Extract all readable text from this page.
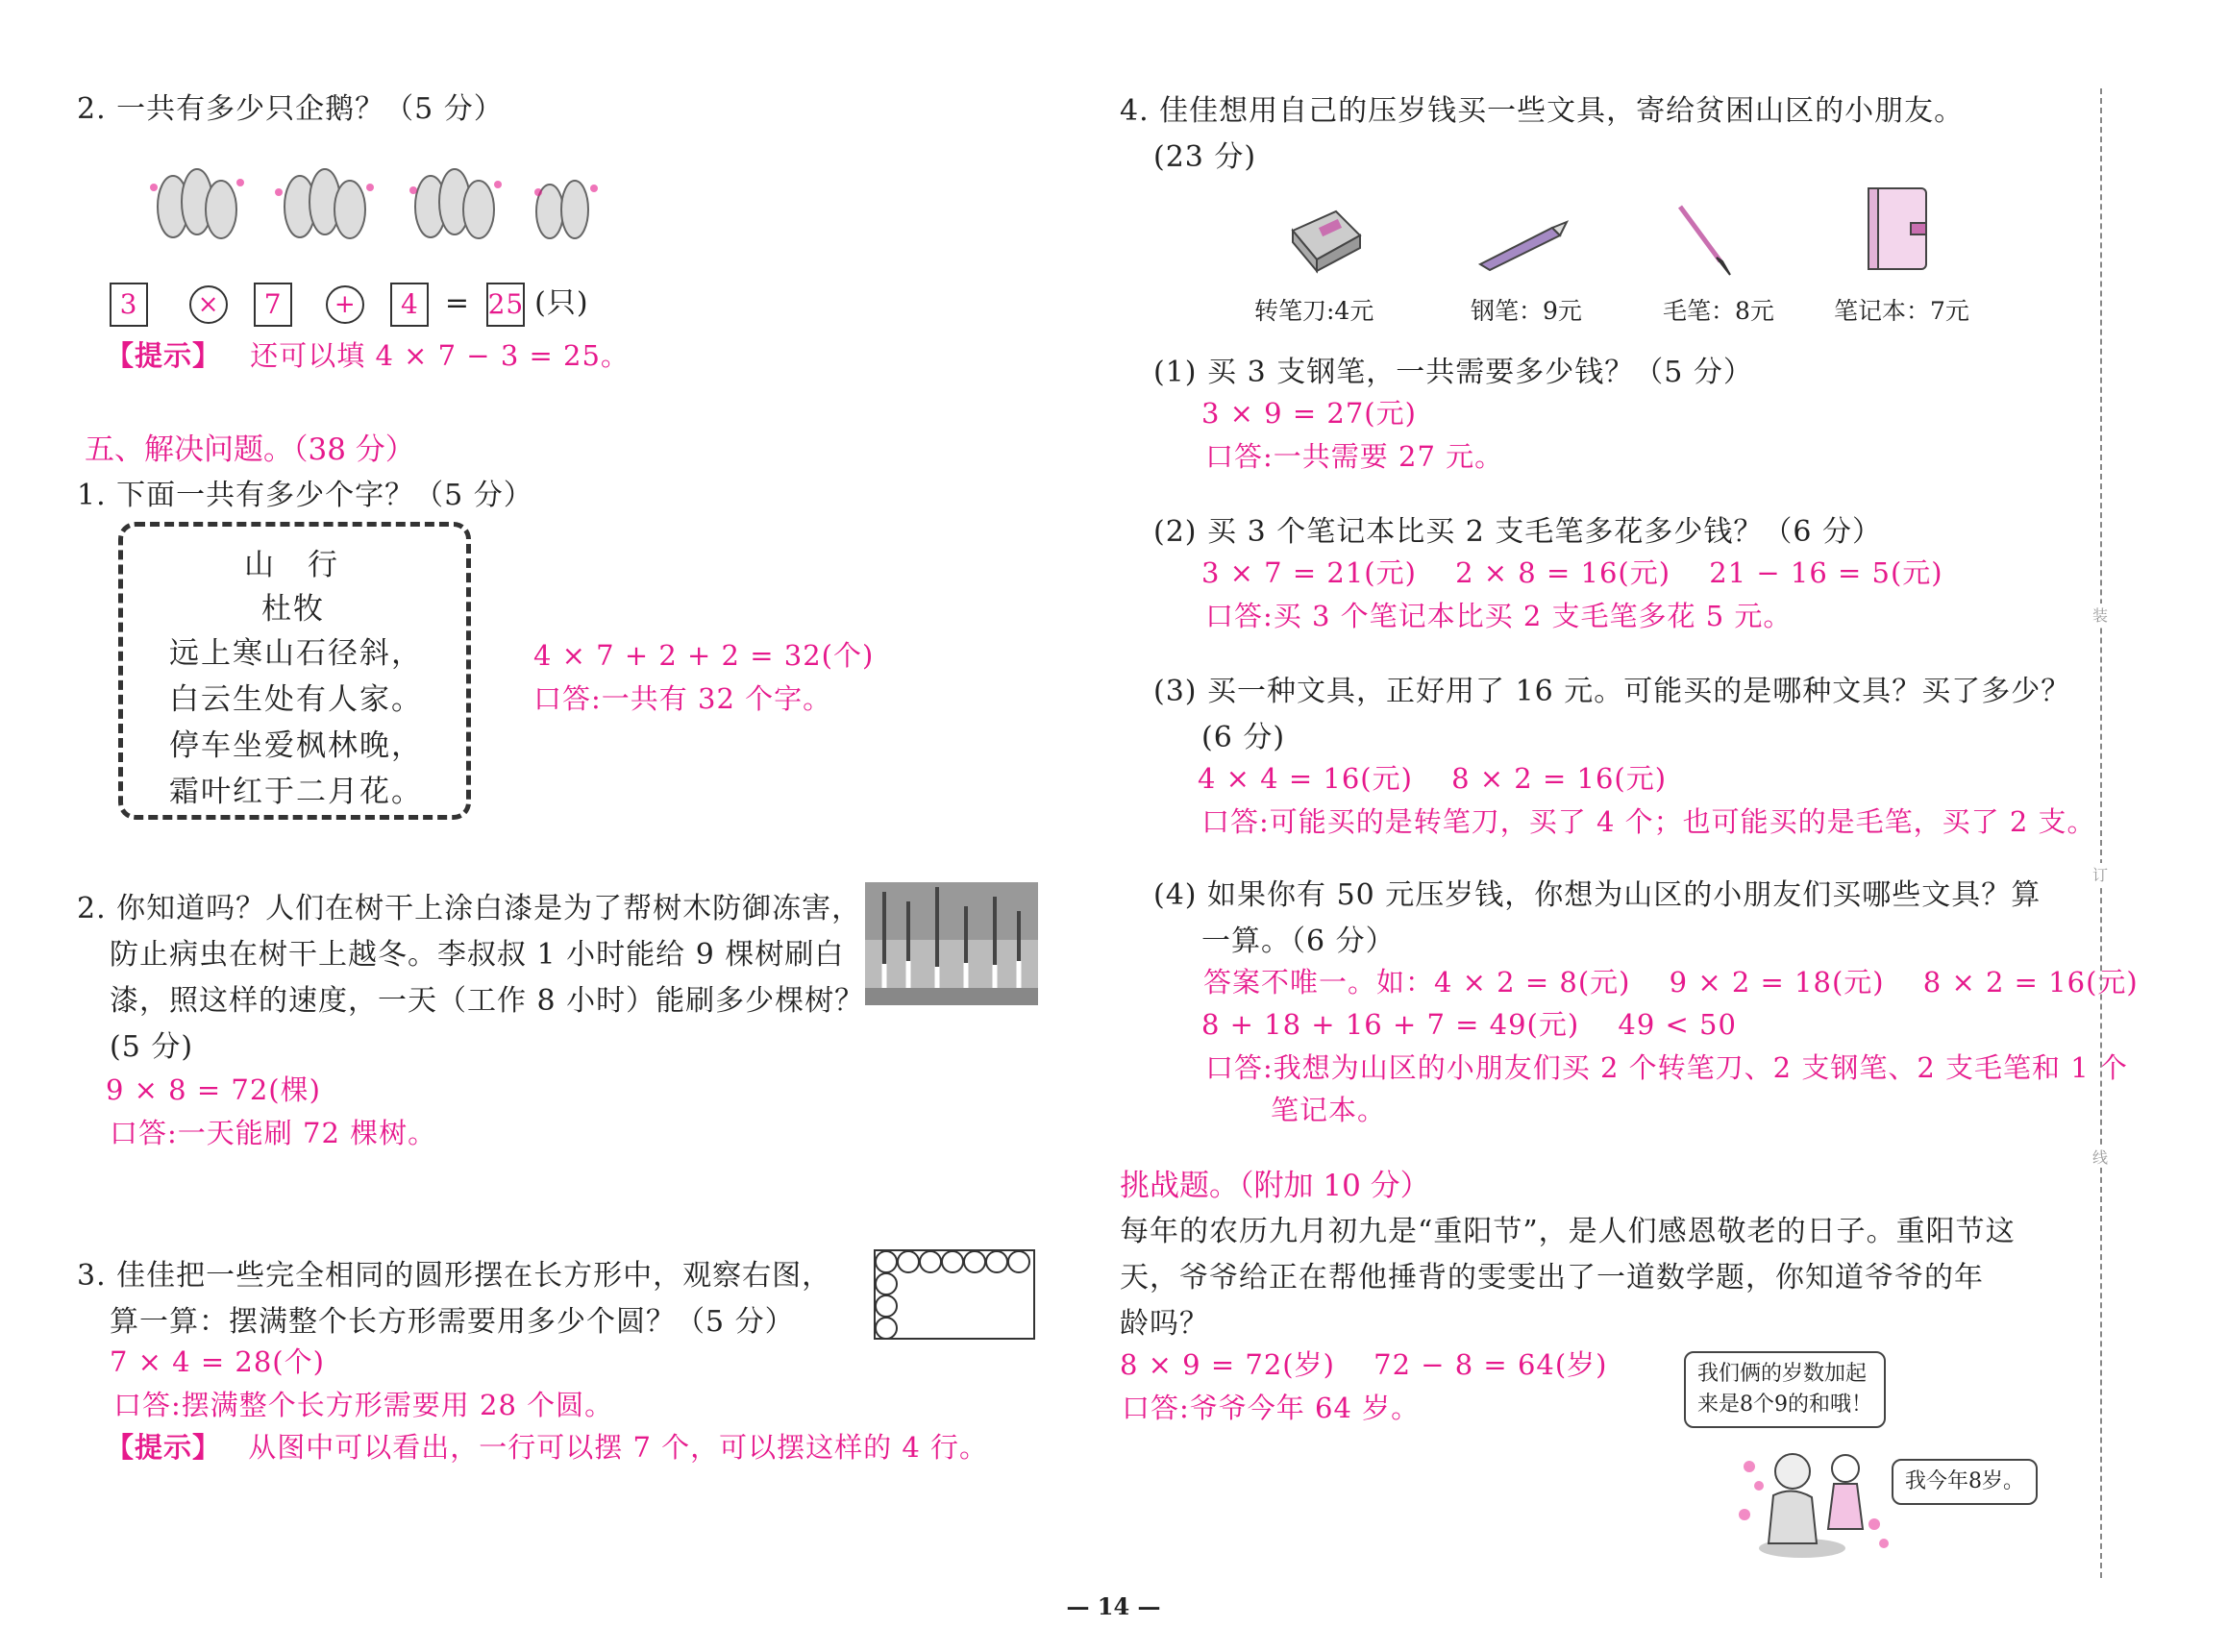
2. 一共有多少只企鹅？（5 分）
3 × 7 + 4 = 25 (只)
【提示】 还可以填 4 × 7 − 3 = 25。
五、解决问题。（38 分）
1. 下面一共有多少个字？（5 分）
山　行
杜牧
远上寒山石径斜，
白云生处有人家。
停车坐爱枫林晚，
霜叶红于二月花。
4 × 7 + 2 + 2 = 32(个)
口答:一共有 32 个字。
2. 你知道吗？人们在树干上涂白漆是为了帮树木防御冻害，
防止病虫在树干上越冬。李叔叔 1 小时能给 9 棵树刷白
漆，照这样的速度，一天（工作 8 小时）能刷多少棵树？
(5 分)
9 × 8 = 72(棵)
口答:一天能刷 72 棵树。
3. 佳佳把一些完全相同的圆形摆在长方形中，观察右图，
算一算：摆满整个长方形需要用多少个圆？（5 分）
7 × 4 = 28(个)
口答:摆满整个长方形需要用 28 个圆。
【提示】 从图中可以看出，一行可以摆 7 个，可以摆这样的 4 行。
4. 佳佳想用自己的压岁钱买一些文具，寄给贫困山区的小朋友。
(23 分)
转笔刀:4元	钢笔：9元	毛笔：8元 笔记本：7元
(1) 买 3 支钢笔，一共需要多少钱？（5 分）
3 × 9 = 27(元)
口答:一共需要 27 元。
(2) 买 3 个笔记本比买 2 支毛笔多花多少钱？（6 分）
3 × 7 = 21(元)　 2 × 8 = 16(元)　 21 − 16 = 5(元)
口答:买 3 个笔记本比买 2 支毛笔多花 5 元。
(3) 买一种文具，正好用了 16 元。可能买的是哪种文具？买了多少？
(6 分)
4 × 4 = 16(元)　 8 × 2 = 16(元)
口答:可能买的是转笔刀，买了 4 个；也可能买的是毛笔，买了 2 支。
(4) 如果你有 50 元压岁钱，你想为山区的小朋友们买哪些文具？算
一算。（6 分）
答案不唯一。如：4 × 2 = 8(元)　 9 × 2 = 18(元)　 8 × 2 = 16(元)
8 + 18 + 16 + 7 = 49(元)　 49 < 50
口答:我想为山区的小朋友们买 2 个转笔刀、2 支钢笔、2 支毛笔和 1 个
笔记本。
挑战题。（附加 10 分）
每年的农历九月初九是“重阳节”，是人们感恩敬老的日子。重阳节这
天，爷爷给正在帮他捶背的雯雯出了一道数学题，你知道爷爷的年
龄吗？
8 × 9 = 72(岁)　 72 − 8 = 64(岁)
口答:爷爷今年 64 岁。
我们俩的岁数加起
来是8个9的和哦！
我今年8岁。
装
订
线
— 14 —
